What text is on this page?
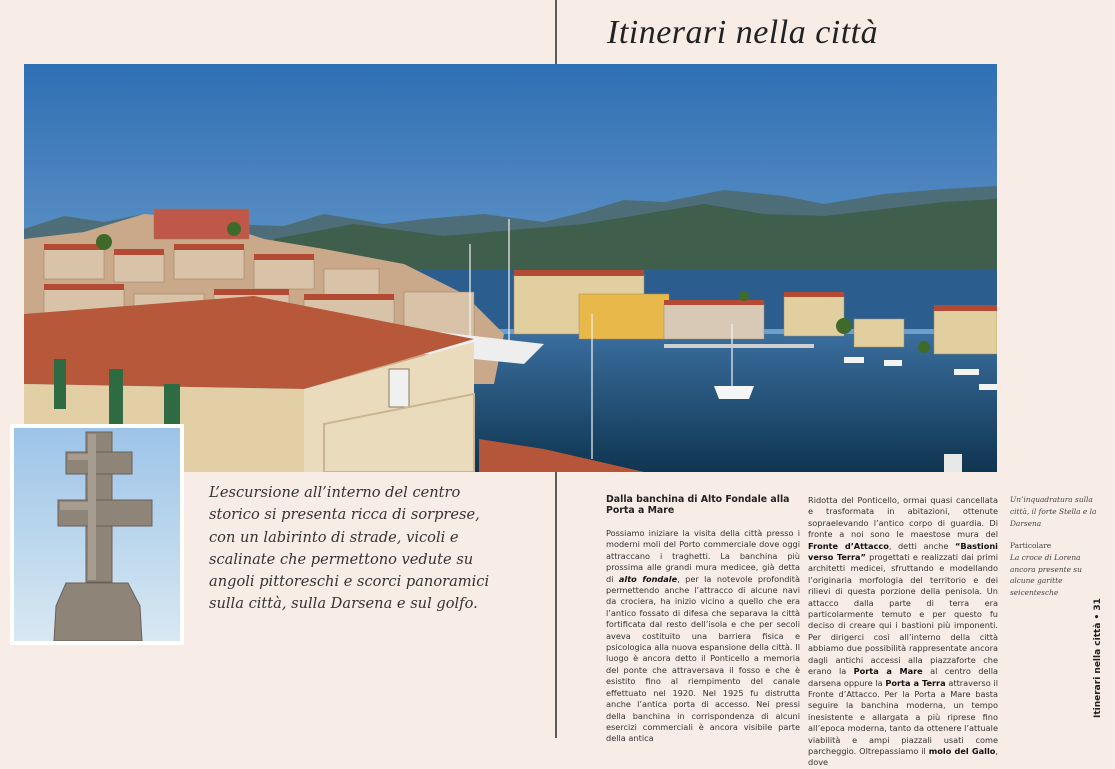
Itinerari nella città
L’escursione all’interno del centro storico si presenta ricca di sorprese, con un labirinto di strade, vicoli e scalinate che permettono vedute su angoli pittoreschi e scorci panoramici sulla città, sulla Darsena e sul golfo.
Dalla banchina di Alto Fondale alla Porta a Mare
Possiamo iniziare la visita della città presso i moderni moli del Porto commerciale dove oggi attraccano i traghetti. La banchina più prossima alle grandi mura medicee, già detta di alto fondale, per la notevole profondità permettendo anche l’attracco di alcune navi da crociera, ha inizio vicino a quello che era l’antico fossato di difesa che separava la città fortificata dal resto dell’isola e che per secoli aveva costituito una barriera fisica e psicologica alla nuova espansione della città. Il luogo è ancora detto il Ponticello a memoria del ponte che attraversava il fosso e che è esistito fino al riempimento del canale effettuato nel 1920. Nel 1925 fu distrutta anche l’antica porta di accesso. Nei pressi della banchina in corrispondenza di alcuni esercizi commerciali è ancora visibile parte della antica
Ridotta del Ponticello, ormai quasi cancellata e trasformata in abitazioni, ottenute sopraelevando l’antico corpo di guardia. Di fronte a noi sono le maestose mura del Fronte d’Attacco, detti anche “Bastioni verso Terra” progettati e realizzati dai primi architetti medicei, sfruttando e modellando l’originaria morfologia del territorio e dei rilievi di questa porzione della penisola. Un attacco dalla parte di terra era particolarmente temuto e per questo fu deciso di creare qui i bastioni più imponenti. Per dirigerci così all’interno della città abbiamo due possibilità rappresentate ancora dagli antichi accessi alla piazzaforte che erano la Porta a Mare al centro della darsena oppure la Porta a Terra attraverso il Fronte d’Attacco. Per la Porta a Mare basta seguire la banchina moderna, un tempo inesistente e allargata a più riprese fino all’epoca moderna, tanto da ottenere l’attuale viabilità e ampi piazzali usati come parcheggio. Oltrepassiamo il molo del Gallo, dove
Un’inquadratura sulla città, il forte Stella e la Darsena
Particolare
La croce di Lorena ancora presente su alcune garitte seicentesche
Itinerari nella città • 31
